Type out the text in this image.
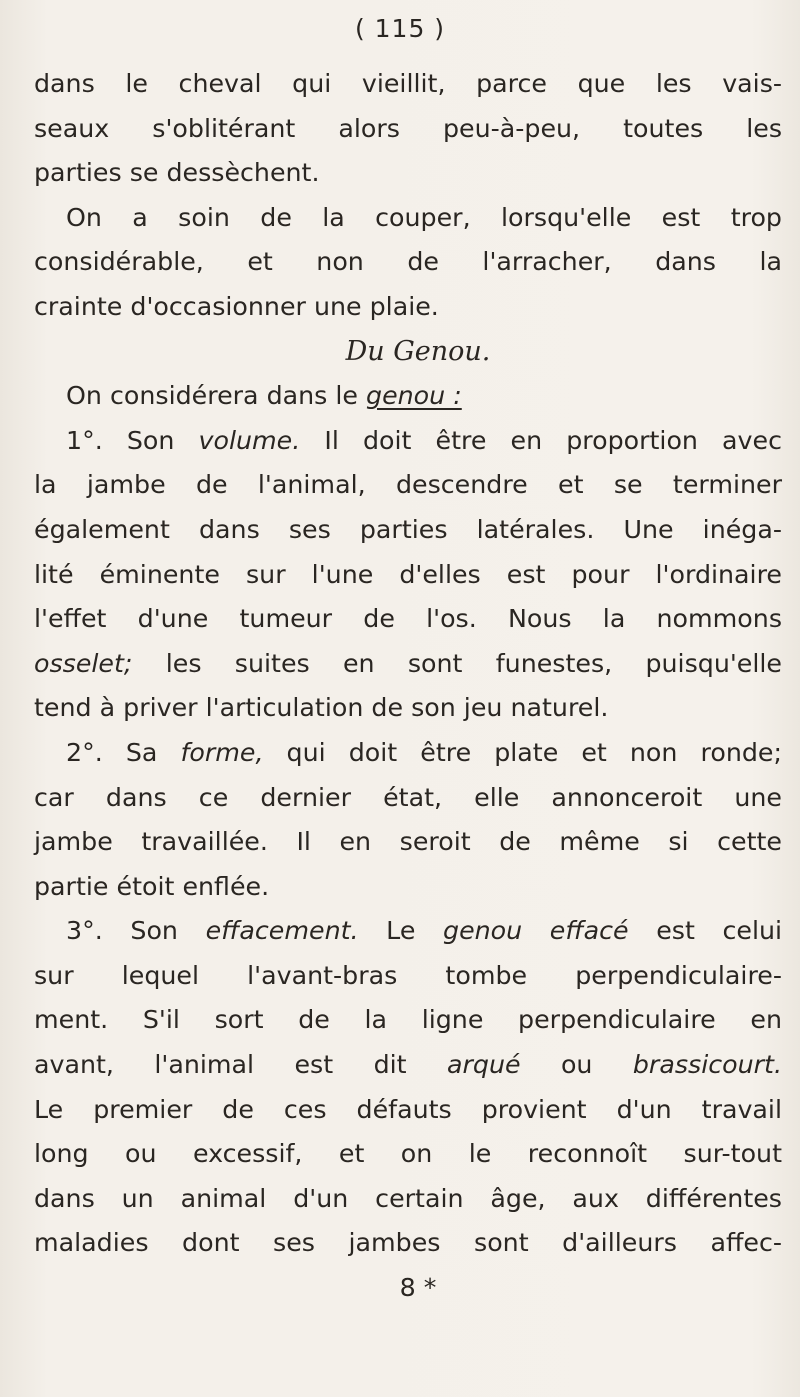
( 115 )
dans le cheval qui vieillit, parce que les vais-
seaux s'oblitérant alors peu-à-peu, toutes les
parties se dessèchent.
On a soin de la couper, lorsqu'elle est trop
considérable, et non de l'arracher, dans la
crainte d'occasionner une plaie.
Du Genou.
On considérera dans le genou :
1°. Son volume. Il doit être en proportion avec
la jambe de l'animal, descendre et se terminer
également dans ses parties latérales. Une inéga-
lité éminente sur l'une d'elles est pour l'ordinaire
l'effet d'une tumeur de l'os. Nous la nommons
osselet; les suites en sont funestes, puisqu'elle
tend à priver l'articulation de son jeu naturel.
2°. Sa forme, qui doit être plate et non ronde;
car dans ce dernier état, elle annonceroit une
jambe travaillée. Il en seroit de même si cette
partie étoit enflée.
3°. Son effacement. Le genou effacé est celui
sur lequel l'avant-bras tombe perpendiculaire-
ment. S'il sort de la ligne perpendiculaire en
avant, l'animal est dit arqué ou brassicourt.
Le premier de ces défauts provient d'un travail
long ou excessif, et on le reconnoît sur-tout
dans un animal d'un certain âge, aux différentes
maladies dont ses jambes sont d'ailleurs affec-
8 *
